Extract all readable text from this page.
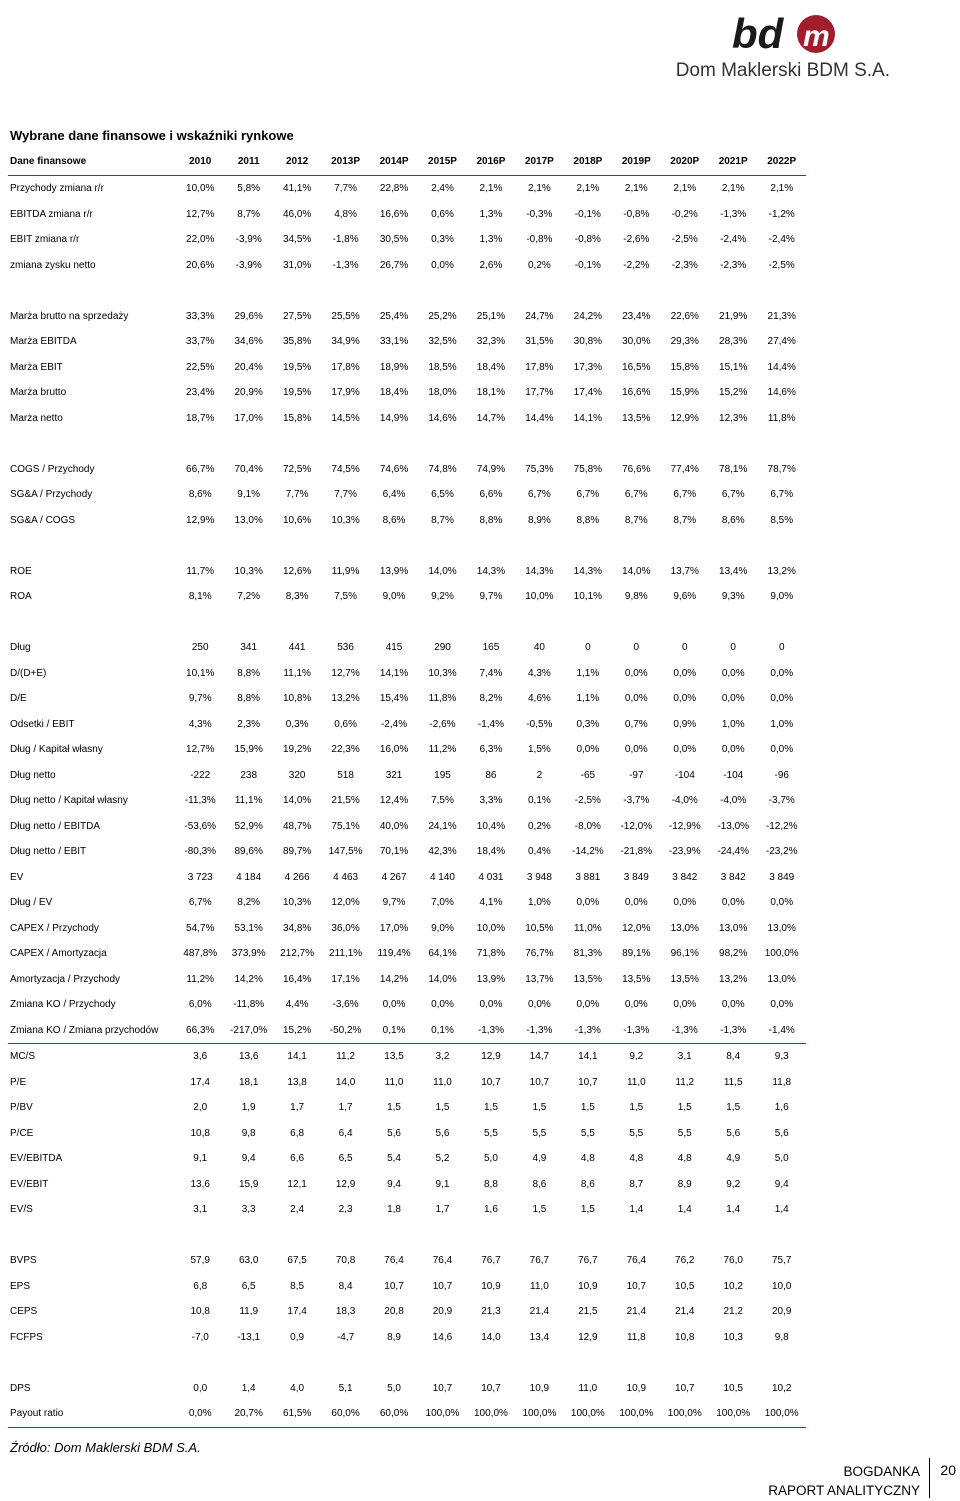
bd m
Dom Maklerski BDM S.A.
Wybrane dane finansowe i wskaźniki rynkowe
Dane finansowe	2010	2011	2012	2013P	2014P	2015P	2016P	2017P	2018P	2019P	2020P	2021P	2022P
Przychody zmiana r/r	10,0%	5,8%	41,1%	7,7%	22,8%	2,4%	2,1%	2,1%	2,1%	2,1%	2,1%	2,1%	2,1%
EBITDA zmiana r/r	12,7%	8,7%	46,0%	4,8%	16,6%	0,6%	1,3%	-0,3%	-0,1%	-0,8%	-0,2%	-1,3%	-1,2%
EBIT zmiana r/r	22,0%	-3,9%	34,5%	-1,8%	30,5%	0,3%	1,3%	-0,8%	-0,8%	-2,6%	-2,5%	-2,4%	-2,4%
zmiana zysku netto	20,6%	-3,9%	31,0%	-1,3%	26,7%	0,0%	2,6%	0,2%	-0,1%	-2,2%	-2,3%	-2,3%	-2,5%

Marża brutto na sprzedaży	33,3%	29,6%	27,5%	25,5%	25,4%	25,2%	25,1%	24,7%	24,2%	23,4%	22,6%	21,9%	21,3%
Marża EBITDA	33,7%	34,6%	35,8%	34,9%	33,1%	32,5%	32,3%	31,5%	30,8%	30,0%	29,3%	28,3%	27,4%
Marża EBIT	22,5%	20,4%	19,5%	17,8%	18,9%	18,5%	18,4%	17,8%	17,3%	16,5%	15,8%	15,1%	14,4%
Marża brutto	23,4%	20,9%	19,5%	17,9%	18,4%	18,0%	18,1%	17,7%	17,4%	16,6%	15,9%	15,2%	14,6%
Marża netto	18,7%	17,0%	15,8%	14,5%	14,9%	14,6%	14,7%	14,4%	14,1%	13,5%	12,9%	12,3%	11,8%

COGS / Przychody	66,7%	70,4%	72,5%	74,5%	74,6%	74,8%	74,9%	75,3%	75,8%	76,6%	77,4%	78,1%	78,7%
SG&A / Przychody	8,6%	9,1%	7,7%	7,7%	6,4%	6,5%	6,6%	6,7%	6,7%	6,7%	6,7%	6,7%	6,7%
SG&A / COGS	12,9%	13,0%	10,6%	10,3%	8,6%	8,7%	8,8%	8,9%	8,8%	8,7%	8,7%	8,6%	8,5%

ROE	11,7%	10,3%	12,6%	11,9%	13,9%	14,0%	14,3%	14,3%	14,3%	14,0%	13,7%	13,4%	13,2%
ROA	8,1%	7,2%	8,3%	7,5%	9,0%	9,2%	9,7%	10,0%	10,1%	9,8%	9,6%	9,3%	9,0%

Dług	250	341	441	536	415	290	165	40	0	0	0	0	0
D/(D+E)	10,1%	8,8%	11,1%	12,7%	14,1%	10,3%	7,4%	4,3%	1,1%	0,0%	0,0%	0,0%	0,0%
D/E	9,7%	8,8%	10,8%	13,2%	15,4%	11,8%	8,2%	4,6%	1,1%	0,0%	0,0%	0,0%	0,0%
Odsetki / EBIT	4,3%	2,3%	0,3%	0,6%	-2,4%	-2,6%	-1,4%	-0,5%	0,3%	0,7%	0,9%	1,0%	1,0%
Dług / Kapitał własny	12,7%	15,9%	19,2%	22,3%	16,0%	11,2%	6,3%	1,5%	0,0%	0,0%	0,0%	0,0%	0,0%
Dług netto	-222	238	320	518	321	195	86	2	-65	-97	-104	-104	-96
Dług netto / Kapitał własny	-11,3%	11,1%	14,0%	21,5%	12,4%	7,5%	3,3%	0,1%	-2,5%	-3,7%	-4,0%	-4,0%	-3,7%
Dług netto / EBITDA	-53,6%	52,9%	48,7%	75,1%	40,0%	24,1%	10,4%	0,2%	-8,0%	-12,0%	-12,9%	-13,0%	-12,2%
Dług netto / EBIT	-80,3%	89,6%	89,7%	147,5%	70,1%	42,3%	18,4%	0,4%	-14,2%	-21,8%	-23,9%	-24,4%	-23,2%
EV	3 723	4 184	4 266	4 463	4 267	4 140	4 031	3 948	3 881	3 849	3 842	3 842	3 849
Dług / EV	6,7%	8,2%	10,3%	12,0%	9,7%	7,0%	4,1%	1,0%	0,0%	0,0%	0,0%	0,0%	0,0%
CAPEX / Przychody	54,7%	53,1%	34,8%	36,0%	17,0%	9,0%	10,0%	10,5%	11,0%	12,0%	13,0%	13,0%	13,0%
CAPEX / Amortyzacja	487,8%	373,9%	212,7%	211,1%	119,4%	64,1%	71,8%	76,7%	81,3%	89,1%	96,1%	98,2%	100,0%
Amortyzacja / Przychody	11,2%	14,2%	16,4%	17,1%	14,2%	14,0%	13,9%	13,7%	13,5%	13,5%	13,5%	13,2%	13,0%
Zmiana KO / Przychody	6,0%	-11,8%	4,4%	-3,6%	0,0%	0,0%	0,0%	0,0%	0,0%	0,0%	0,0%	0,0%	0,0%
Zmiana KO / Zmiana przychodów	66,3%	-217,0%	15,2%	-50,2%	0,1%	0,1%	-1,3%	-1,3%	-1,3%	-1,3%	-1,3%	-1,3%	-1,4%
MC/S	3,6	13,6	14,1	11,2	13,5	3,2	12,9	14,7	14,1	9,2	3,1	8,4	9,3
P/E	17,4	18,1	13,8	14,0	11,0	11,0	10,7	10,7	10,7	11,0	11,2	11,5	11,8
P/BV	2,0	1,9	1,7	1,7	1,5	1,5	1,5	1,5	1,5	1,5	1,5	1,5	1,6
P/CE	10,8	9,8	6,8	6,4	5,6	5,6	5,5	5,5	5,5	5,5	5,5	5,6	5,6
EV/EBITDA	9,1	9,4	6,6	6,5	5,4	5,2	5,0	4,9	4,8	4,8	4,8	4,9	5,0
EV/EBIT	13,6	15,9	12,1	12,9	9,4	9,1	8,8	8,6	8,6	8,7	8,9	9,2	9,4
EV/S	3,1	3,3	2,4	2,3	1,8	1,7	1,6	1,5	1,5	1,4	1,4	1,4	1,4

BVPS	57,9	63,0	67,5	70,8	76,4	76,4	76,7	76,7	76,7	76,4	76,2	76,0	75,7
EPS	6,8	6,5	8,5	8,4	10,7	10,7	10,9	11,0	10,9	10,7	10,5	10,2	10,0
CEPS	10,8	11,9	17,4	18,3	20,8	20,9	21,3	21,4	21,5	21,4	21,4	21,2	20,9
FCFPS	-7,0	-13,1	0,9	-4,7	8,9	14,6	14,0	13,4	12,9	11,8	10,8	10,3	9,8

DPS	0,0	1,4	4,0	5,1	5,0	10,7	10,7	10,9	11,0	10,9	10,7	10,5	10,2
Payout ratio	0,0%	20,7%	61,5%	60,0%	60,0%	100,0%	100,0%	100,0%	100,0%	100,0%	100,0%	100,0%	100,0%
Źródło: Dom Maklerski BDM S.A.
BOGDANKA
RAPORT ANALITYCZNY
20
